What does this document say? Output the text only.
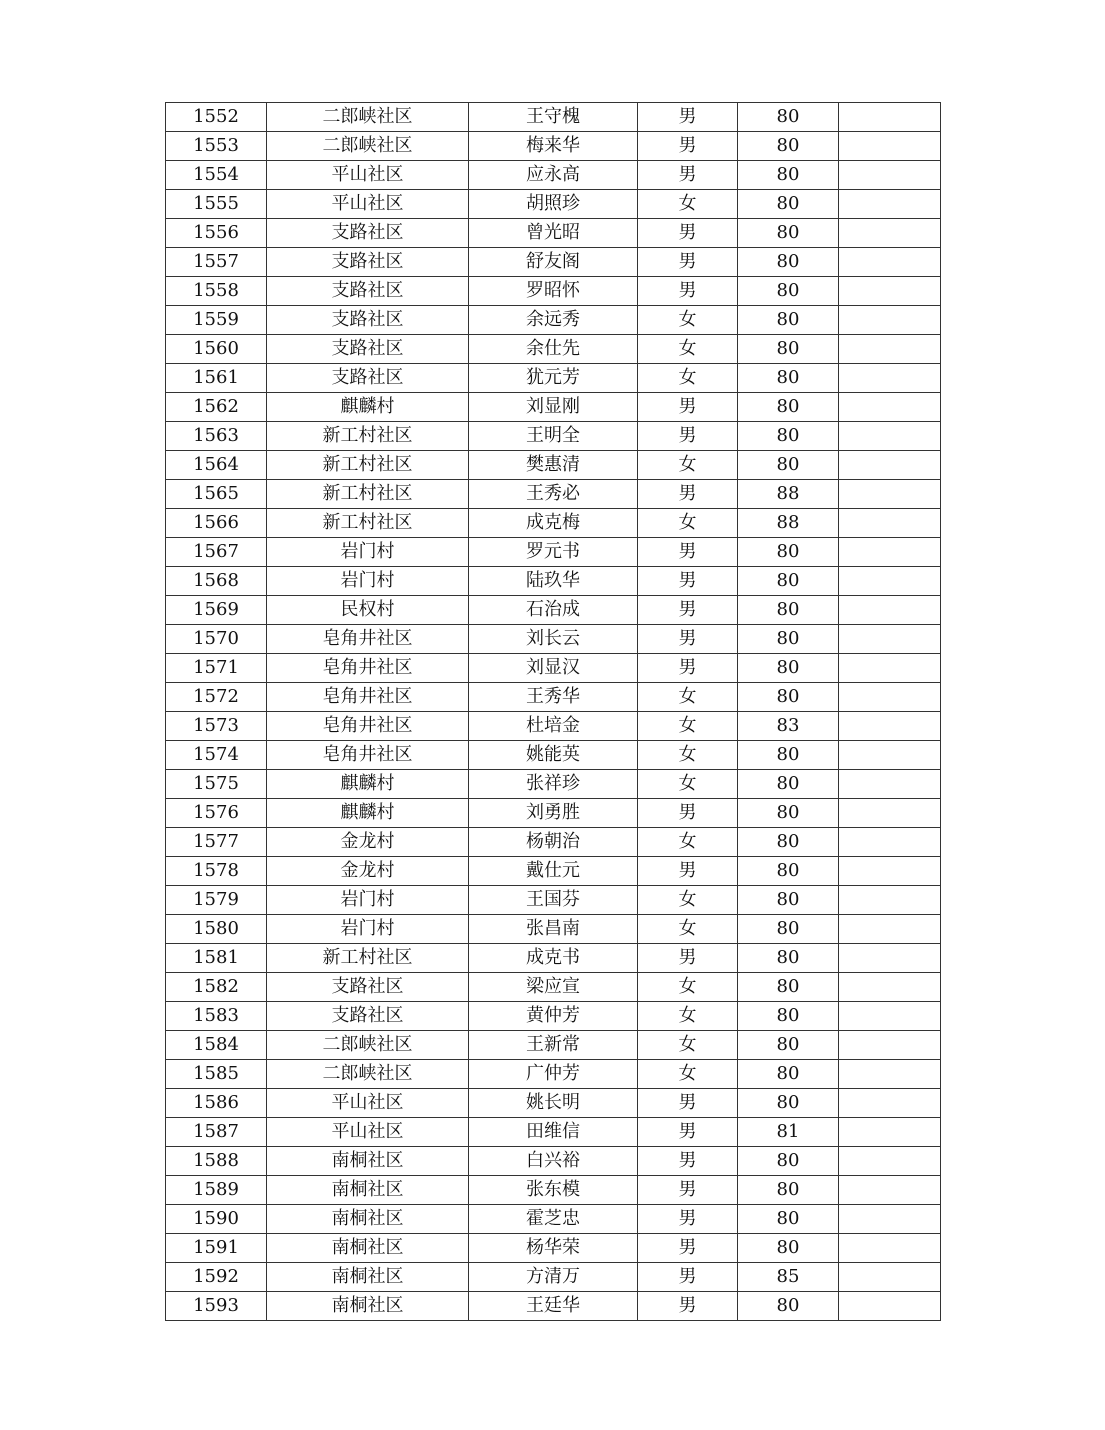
1552	二郎峡社区	王守槐	男	80	
1553	二郎峡社区	梅来华	男	80	
1554	平山社区	应永高	男	80	
1555	平山社区	胡照珍	女	80	
1556	支路社区	曾光昭	男	80	
1557	支路社区	舒友阁	男	80	
1558	支路社区	罗昭怀	男	80	
1559	支路社区	余远秀	女	80	
1560	支路社区	余仕先	女	80	
1561	支路社区	犹元芳	女	80	
1562	麒麟村	刘显刚	男	80	
1563	新工村社区	王明全	男	80	
1564	新工村社区	樊惠清	女	80	
1565	新工村社区	王秀必	男	88	
1566	新工村社区	成克梅	女	88	
1567	岩门村	罗元书	男	80	
1568	岩门村	陆玖华	男	80	
1569	民权村	石治成	男	80	
1570	皂角井社区	刘长云	男	80	
1571	皂角井社区	刘显汉	男	80	
1572	皂角井社区	王秀华	女	80	
1573	皂角井社区	杜培金	女	83	
1574	皂角井社区	姚能英	女	80	
1575	麒麟村	张祥珍	女	80	
1576	麒麟村	刘勇胜	男	80	
1577	金龙村	杨朝治	女	80	
1578	金龙村	戴仕元	男	80	
1579	岩门村	王国芬	女	80	
1580	岩门村	张昌南	女	80	
1581	新工村社区	成克书	男	80	
1582	支路社区	梁应宣	女	80	
1583	支路社区	黄仲芳	女	80	
1584	二郎峡社区	王新常	女	80	
1585	二郎峡社区	广仲芳	女	80	
1586	平山社区	姚长明	男	80	
1587	平山社区	田维信	男	81	
1588	南桐社区	白兴裕	男	80	
1589	南桐社区	张东模	男	80	
1590	南桐社区	霍芝忠	男	80	
1591	南桐社区	杨华荣	男	80	
1592	南桐社区	方清万	男	85	
1593	南桐社区	王廷华	男	80	
